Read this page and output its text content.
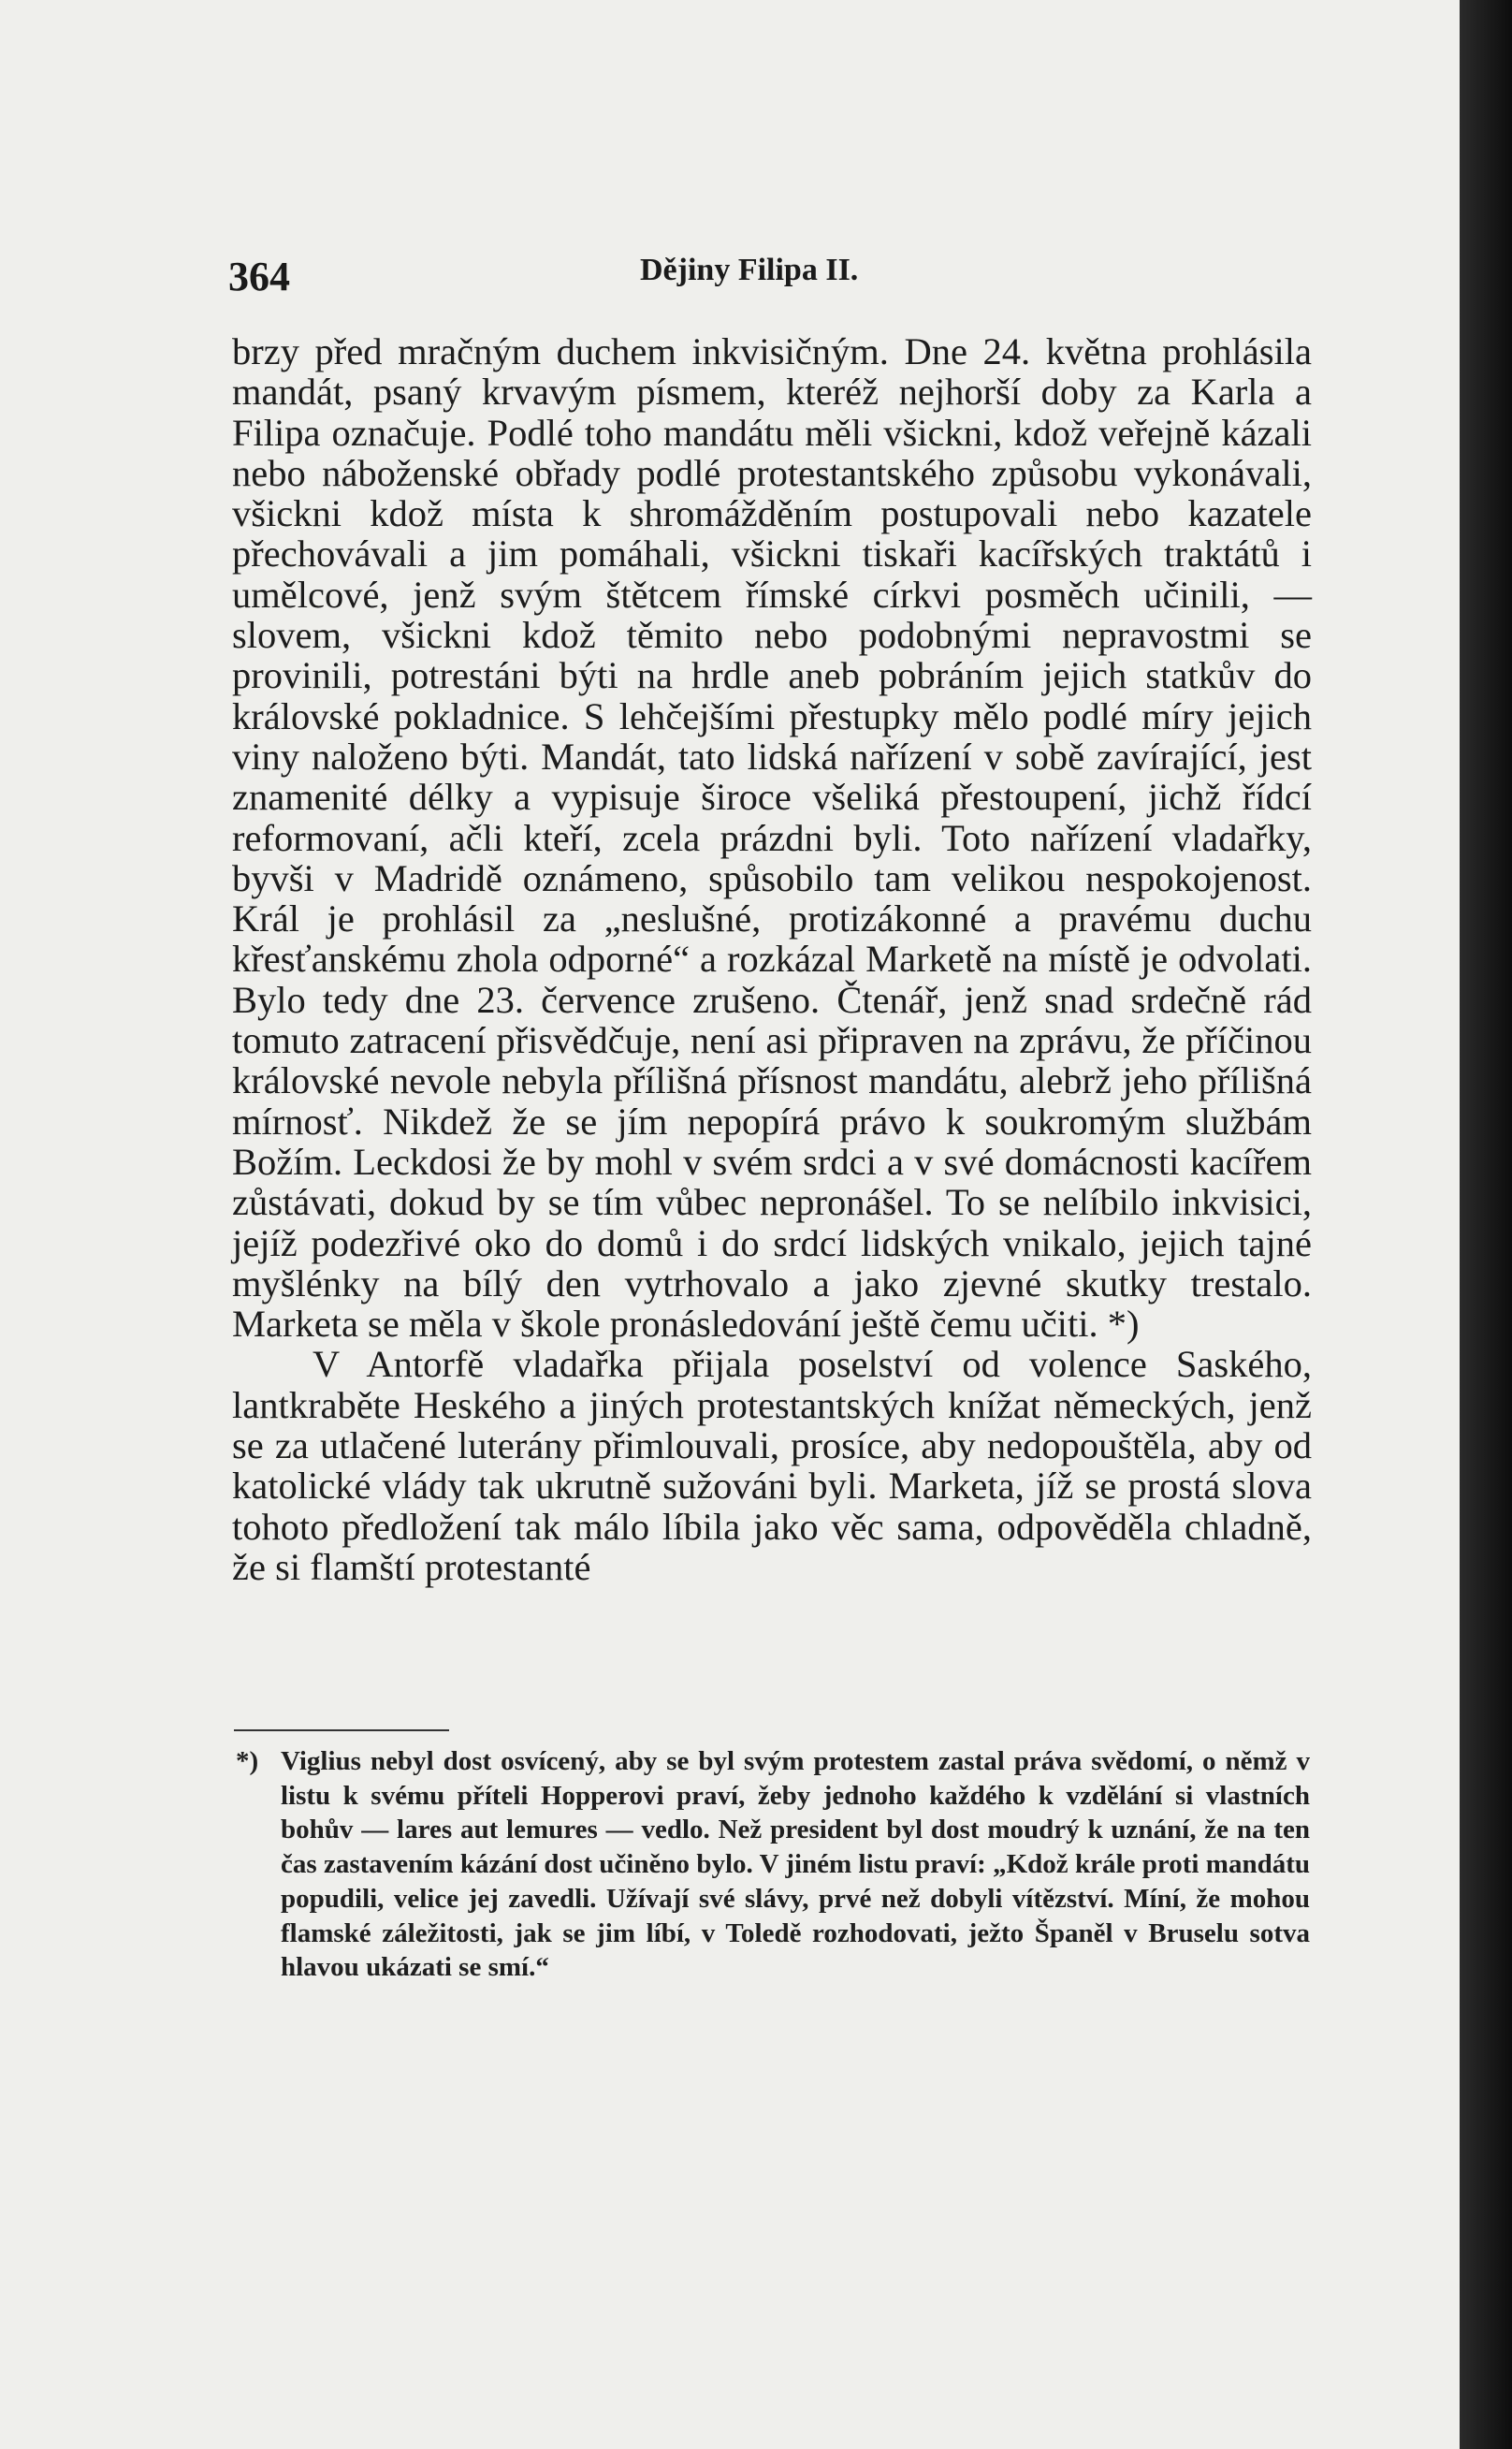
364	Dějiny Filipa II.

brzy před mračným duchem inkvisičným. Dne 24. května prohlásila mandát, psaný krvavým písmem, kteréž nejhorší doby za Karla a Filipa označuje. Podlé toho mandátu měli všickni, kdož veřejně kázali nebo náboženské obřady podlé protestantského způsobu vykonávali, všickni kdož místa k shromážděním postupovali nebo kazatele přechovávali a jim pomáhali, všickni tiskaři kacířských traktátů i umělcové, jenž svým štětcem římské církvi posměch učinili, — slovem, všickni kdož těmito nebo podobnými nepravostmi se provinili, potrestáni býti na hrdle aneb pobráním jejich statkův do královské pokladnice. S lehčejšími přestupky mělo podlé míry jejich viny naloženo býti. Mandát, tato lidská nařízení v sobě zavírající, jest znamenité délky a vypisuje široce všeliká přestoupení, jichž řídcí reformovaní, ačli kteří, zcela prázdni byli. Toto nařízení vladařky, byvši v Madridě oznámeno, spůsobilo tam velikou nespokojenost. Král je prohlásil za „neslušné, protizákonné a pravému duchu křesťanskému zhola odporné“ a rozkázal Marketě na místě je odvolati. Bylo tedy dne 23. července zrušeno. Čtenář, jenž snad srdečně rád tomuto zatracení přisvědčuje, není asi připraven na zprávu, že příčinou královské nevole nebyla přílišná přísnost mandátu, alebrž jeho přílišná mírnosť. Nikdež že se jím nepopírá právo k soukromým službám Božím. Leckdosi že by mohl v svém srdci a v své domácnosti kacířem zůstávati, dokud by se tím vůbec nepronášel. To se nelíbilo inkvisici, jejíž podezřivé oko do domů i do srdcí lidských vnikalo, jejich tajné myšlénky na bílý den vytrhovalo a jako zjevné skutky trestalo. Marketa se měla v škole pronásledování ještě čemu učiti. *)

V Antorfě vladařka přijala poselství od volence Saského, lantkraběte Heského a jiných protestantských knížat německých, jenž se za utlačené luterány přimlouvali, prosíce, aby nedopouštěla, aby od katolické vlády tak ukrutně sužováni byli. Marketa, jíž se prostá slova tohoto předložení tak málo líbila jako věc sama, odpověděla chladně, že si flamští protestanté

*) Viglius nebyl dost osvícený, aby se byl svým protestem zastal práva svědomí, o němž v listu k svému příteli Hopperovi praví, žeby jednoho každého k vzdělání si vlastních bohův — lares aut lemures — vedlo. Než president byl dost moudrý k uznání, že na ten čas zastavením kázání dost učiněno bylo. V jiném listu praví: „Kdož krále proti mandátu popudili, velice jej zavedli. Užívají své slávy, prvé než dobyli vítězství. Míní, že mohou flamské záležitosti, jak se jim líbí, v Toledě rozhodovati, ježto Španěl v Bruselu sotva hlavou ukázati se smí.“
